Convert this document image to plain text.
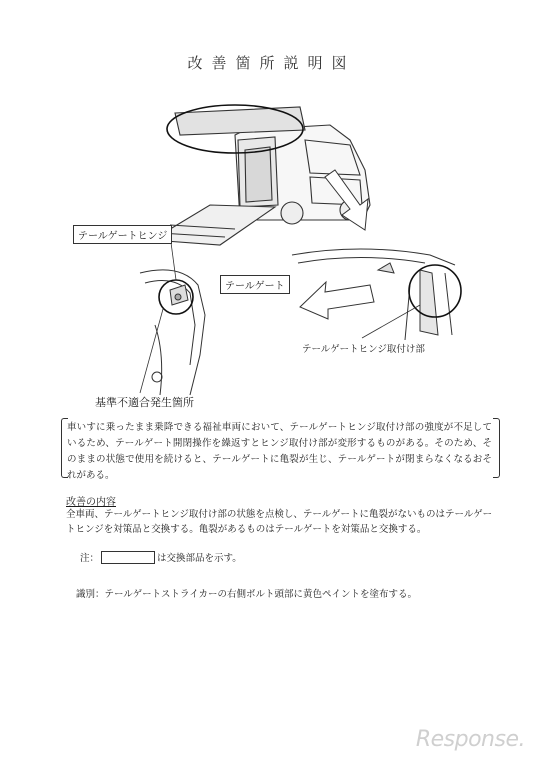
改善箇所説明図
テールゲートヒンジ
テールゲート
テールゲートヒンジ取付け部
基準不適合発生箇所
車いすに乗ったまま乗降できる福祉車両において、テールゲートヒンジ取付け部の強度が不足しているため、テールゲート開閉操作を繰返すとヒンジ取付け部が変形するものがある。そのため、そのままの状態で使用を続けると、テールゲートに亀裂が生じ、テールゲートが閉まらなくなるおそれがある。
改善の内容
全車両、テールゲートヒンジ取付け部の状態を点検し、テールゲートに亀裂がないものはテールゲートヒンジを対策品と交換する。亀裂があるものはテールゲートを対策品と交換する。
注：	は交換部品を示す。
識別：テールゲートストライカーの右側ボルト頭部に黄色ペイントを塗布する。
Response.
